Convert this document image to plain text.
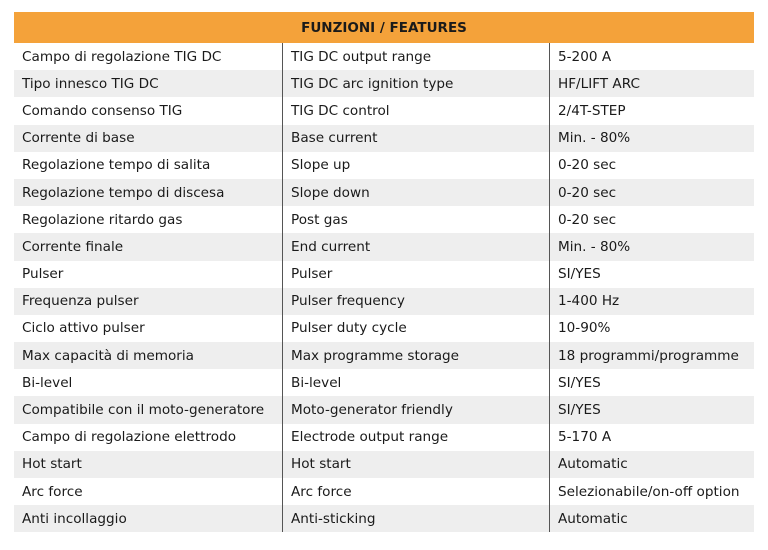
FUNZIONI / FEATURES
Campo di regolazione TIG DC	TIG DC output range	5-200 A
Tipo innesco TIG DC	TIG DC arc ignition type	HF/LIFT ARC
Comando consenso TIG	TIG DC control	2/4T-STEP
Corrente di base	Base current	Min. - 80%
Regolazione tempo di salita	Slope up	0-20 sec
Regolazione tempo di discesa	Slope down	0-20 sec
Regolazione ritardo gas	Post gas	0-20 sec
Corrente finale	End current	Min. - 80%
Pulser	Pulser	SI/YES
Frequenza pulser	Pulser frequency	1-400 Hz
Ciclo attivo pulser	Pulser duty cycle	10-90%
Max capacità di memoria	Max programme storage	18 programmi/programme
Bi-level	Bi-level	SI/YES
Compatibile con il moto-generatore	Moto-generator friendly	SI/YES
Campo di regolazione elettrodo	Electrode output range	5-170 A
Hot start	Hot start	Automatic
Arc force	Arc force	Selezionabile/on-off option
Anti incollaggio	Anti-sticking	Automatic
